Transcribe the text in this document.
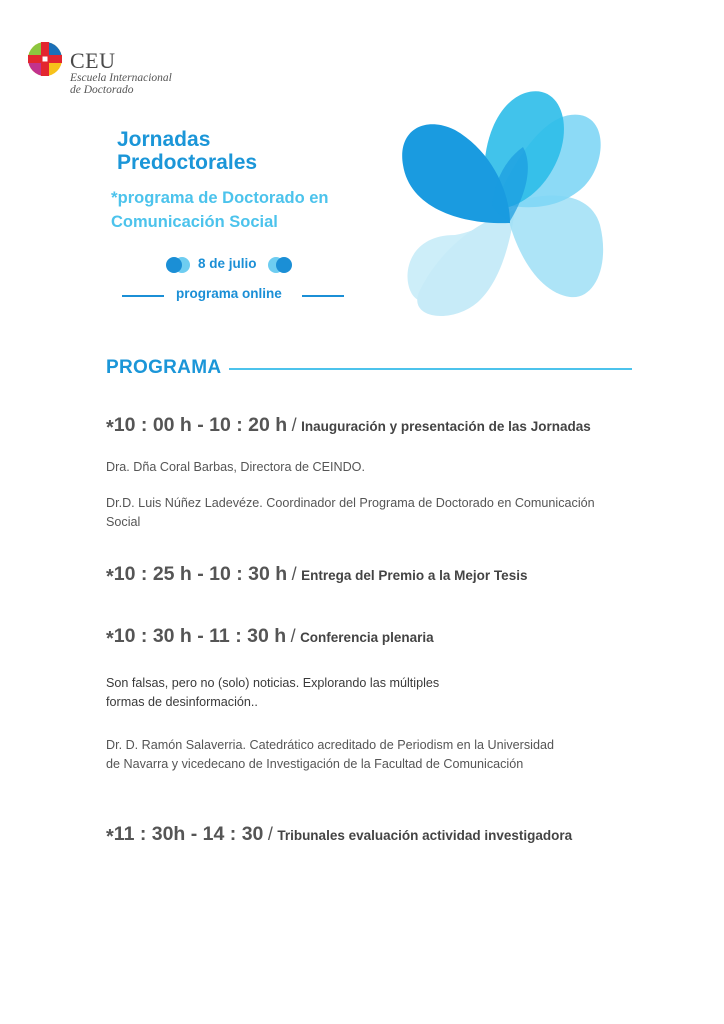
CEU
Escuela Internacional
de Doctorado
Jornadas
Predoctorales
*programa de Doctorado en
Comunicación Social
8 de julio
programa online
PROGRAMA
*10 : 00 h - 10 : 20 h / Inauguración y presentación de las Jornadas
Dra. Dña Coral Barbas, Directora de CEINDO.
Dr.D. Luis Núñez Ladevéze. Coordinador del Programa de Doctorado en Comunicación
Social
*10 : 25 h - 10 : 30 h / Entrega del Premio a la Mejor Tesis
*10 : 30 h - 11 : 30 h / Conferencia plenaria
Son falsas, pero no (solo) noticias. Explorando las múltiples
formas de desinformación..
Dr. D. Ramón Salaverria. Catedrático acreditado de Periodism en la Universidad
de Navarra y vicedecano de Investigación de la Facultad de Comunicación
*11 : 30h - 14 : 30 / Tribunales evaluación actividad investigadora
